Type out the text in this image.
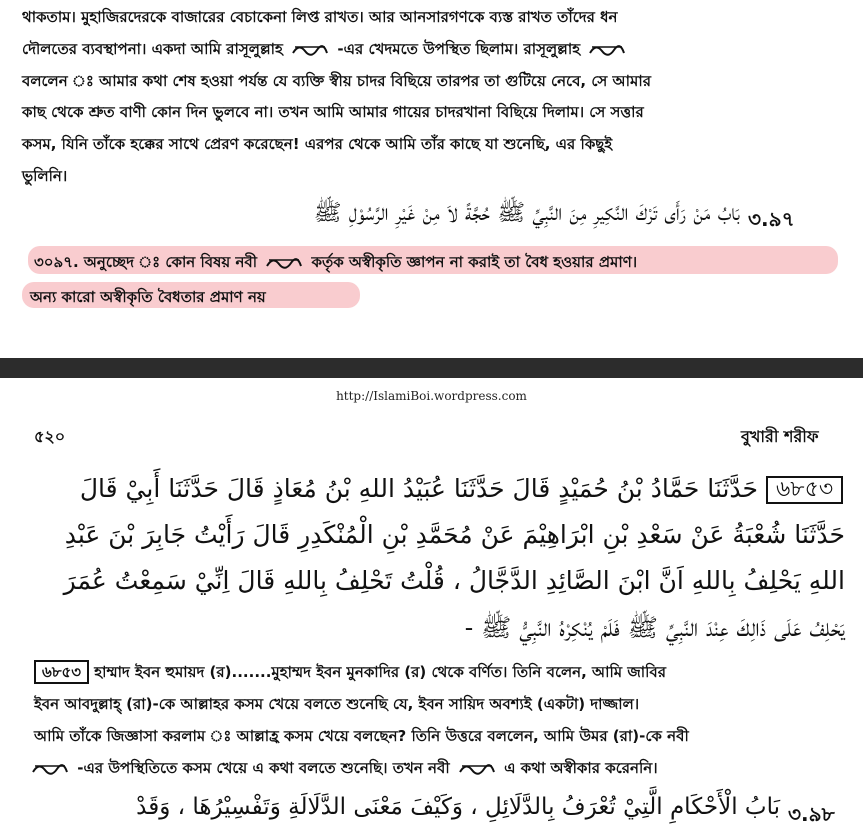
থাকতাম। মুহাজিরদেরকে বাজারের বেচাকেনা লিপ্ত রাখত। আর আনসারগণকে ব্যস্ত রাখত তাঁদের ধন
দৌলতের ব্যবস্থাপনা। একদা আমি রাসূলুল্লাহ	-এর খেদমতে উপস্থিত ছিলাম। রাসূলুল্লাহ
বললেন ঃ আমার কথা শেষ হওয়া পর্যন্ত যে ব্যক্তি স্বীয় চাদর বিছিয়ে তারপর তা গুটিয়ে নেবে, সে আমার
কাছ থেকে শ্রুত বাণী কোন দিন ভুলবে না। তখন আমি আমার গায়ের চাদরখানা বিছিয়ে দিলাম। সে সত্তার
কসম, যিনি তাঁকে হক্কের সাথে প্রেরণ করেছেন! এরপর থেকে আমি তাঁর কাছে যা শুনেছি, এর কিছুই
ভুলিনি।
৩.৯৭
بَابُ مَنْ رَأَى تَرْكَ النَّكِيرِ مِنَ النَّبِيِّ ﷺ حُجَّةً لاَ مِنْ غَيْرِ الرَّسُوْلِ ﷺ
৩০৯৭. অনুচ্ছেদ ঃ কোন বিষয় নবী	কর্তৃক অস্বীকৃতি জ্ঞাপন না করাই তা বৈধ হওয়ার প্রমাণ।
অন্য কারো অস্বীকৃতি বৈধতার প্রমাণ নয়
http://IslamiBoi.wordpress.com
৫২০	বুখারী শরীফ
৬৮৫৩
حَدَّثَنَا حَمَّادُ بْنُ حُمَيْدٍ قَالَ حَدَّثَنَا عُبَيْدُ اللهِ بْنُ مُعَاذٍ قَالَ حَدَّثَنَا أَبِيْ قَالَ
حَدَّثَنَا شُعْبَةُ عَنْ سَعْدِ بْنِ ابْرَاهِيْمَ عَنْ مُحَمَّدِ بْنِ الْمُنْكَدِرِ قَالَ رَأَيْتُ جَابِرَ بْنَ عَبْدِ
اللهِ يَحْلِفُ بِاللهِ اَنَّ ابْنَ الصَّائِدِ الدَّجَّالُ ، قُلْتُ تَحْلِفُ بِاللهِ قَالَ اِنِّيْ سَمِعْتُ عُمَرَ
يَحْلِفُ عَلَى ذَالِكَ عِنْدَ النَّبِيِّ ﷺ فَلَمْ يُنْكِرْهُ النَّبِيُّ ﷺ -
৬৮৫৩ হাম্মাদ ইবন হুমায়দ (র).......মুহাম্মদ ইবন মুনকাদির (র) থেকে বর্ণিত। তিনি বলেন, আমি জাবির
ইবন আবদুল্লাহ্ (রা)-কে আল্লাহর কসম খেয়ে বলতে শুনেছি যে, ইবন সায়িদ অবশ্যই (একটা) দাজ্জাল।
আমি তাঁকে জিজ্ঞাসা করলাম ঃ আল্লাহ্র কসম খেয়ে বলছেন? তিনি উত্তরে বললেন, আমি উমর (রা)-কে নবী
-এর উপস্থিতিতে কসম খেয়ে এ কথা বলতে শুনেছি। তখন নবী	এ কথা অস্বীকার করেননি।
৩.৯৮
بَابُ الْأَحْكَامِ الَّتِيْ تُعْرَفُ بِالدَّلَائِلِ ، وَكَيْفَ مَعْنَى الدَّلَالَةِ وَتَفْسِيْرُهَا ، وَقَدْ
